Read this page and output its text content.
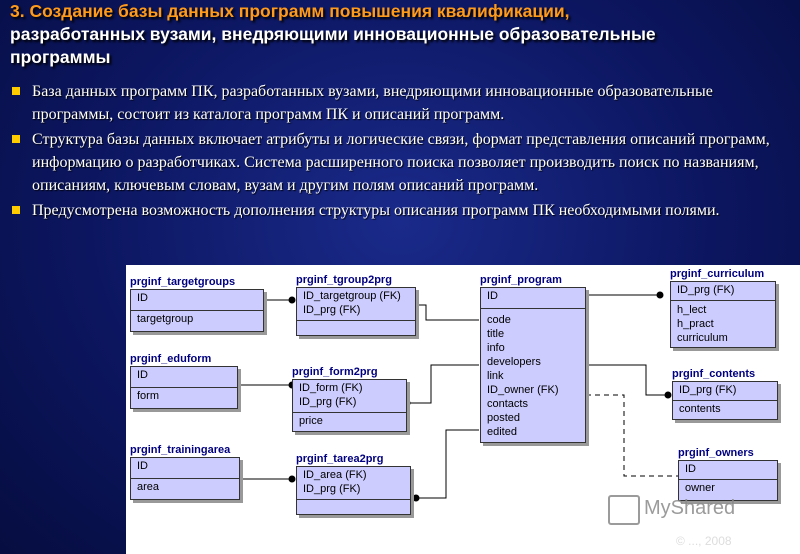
3. Создание базы данных программ повышения квалификации,
разработанных вузами, внедряющими инновационные образовательные
программы
База данных программ ПК, разработанных вузами, внедряющими инновационные образовательные программы, состоит из каталога программ ПК и описаний программ.
Структура базы данных включает атрибуты и логические связи, формат представления описаний программ, информацию о разработчиках. Система расширенного поиска позволяет производить поиск по названиям, описаниям, ключевым словам, вузам и другим полям описаний программ.
Предусмотрена возможность дополнения структуры описания программ ПК необходимыми полями.
prginf_targetgroups
ID
targetgroup
prginf_tgroup2prg
ID_targetgroup (FK)
ID_prg (FK)
prginf_program
ID
code
title
info
developers
link
ID_owner (FK)
contacts
posted
edited
prginf_curriculum
ID_prg (FK)
h_lect
h_pract
curriculum
prginf_eduform
ID
form
prginf_form2prg
ID_form (FK)
ID_prg (FK)
price
prginf_contents
ID_prg (FK)
contents
prginf_trainingarea
ID
area
prginf_tarea2prg
ID_area (FK)
ID_prg (FK)
prginf_owners
ID
owner
MyShared
© ..., 2008
